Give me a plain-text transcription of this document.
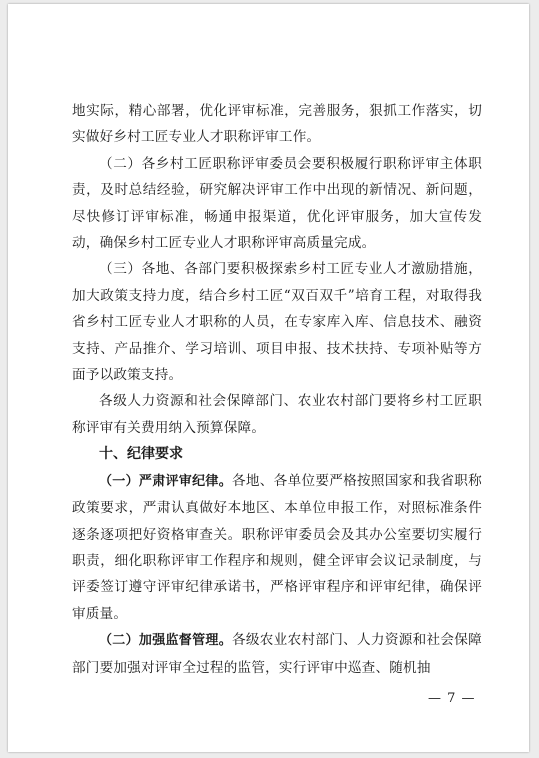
地实际，精心部署，优化评审标准，完善服务，狠抓工作落实，切实做好乡村工匠专业人才职称评审工作。

（二）各乡村工匠职称评审委员会要积极履行职称评审主体职责，及时总结经验，研究解决评审工作中出现的新情况、新问题，尽快修订评审标准，畅通申报渠道，优化评审服务，加大宣传发动，确保乡村工匠专业人才职称评审高质量完成。

（三）各地、各部门要积极探索乡村工匠专业人才激励措施，加大政策支持力度，结合乡村工匠“双百双千”培育工程，对取得我省乡村工匠专业人才职称的人员，在专家库入库、信息技术、融资支持、产品推介、学习培训、项目申报、技术扶持、专项补贴等方面予以政策支持。

各级人力资源和社会保障部门、农业农村部门要将乡村工匠职称评审有关费用纳入预算保障。

十、纪律要求

（一）严肃评审纪律。各地、各单位要严格按照国家和我省职称政策要求，严肃认真做好本地区、本单位申报工作，对照标准条件逐条逐项把好资格审查关。职称评审委员会及其办公室要切实履行职责，细化职称评审工作程序和规则，健全评审会议记录制度，与评委签订遵守评审纪律承诺书，严格评审程序和评审纪律，确保评审质量。

（二）加强监督管理。各级农业农村部门、人力资源和社会保障部门要加强对评审全过程的监管，实行评审中巡查、随机抽

— 7 —
